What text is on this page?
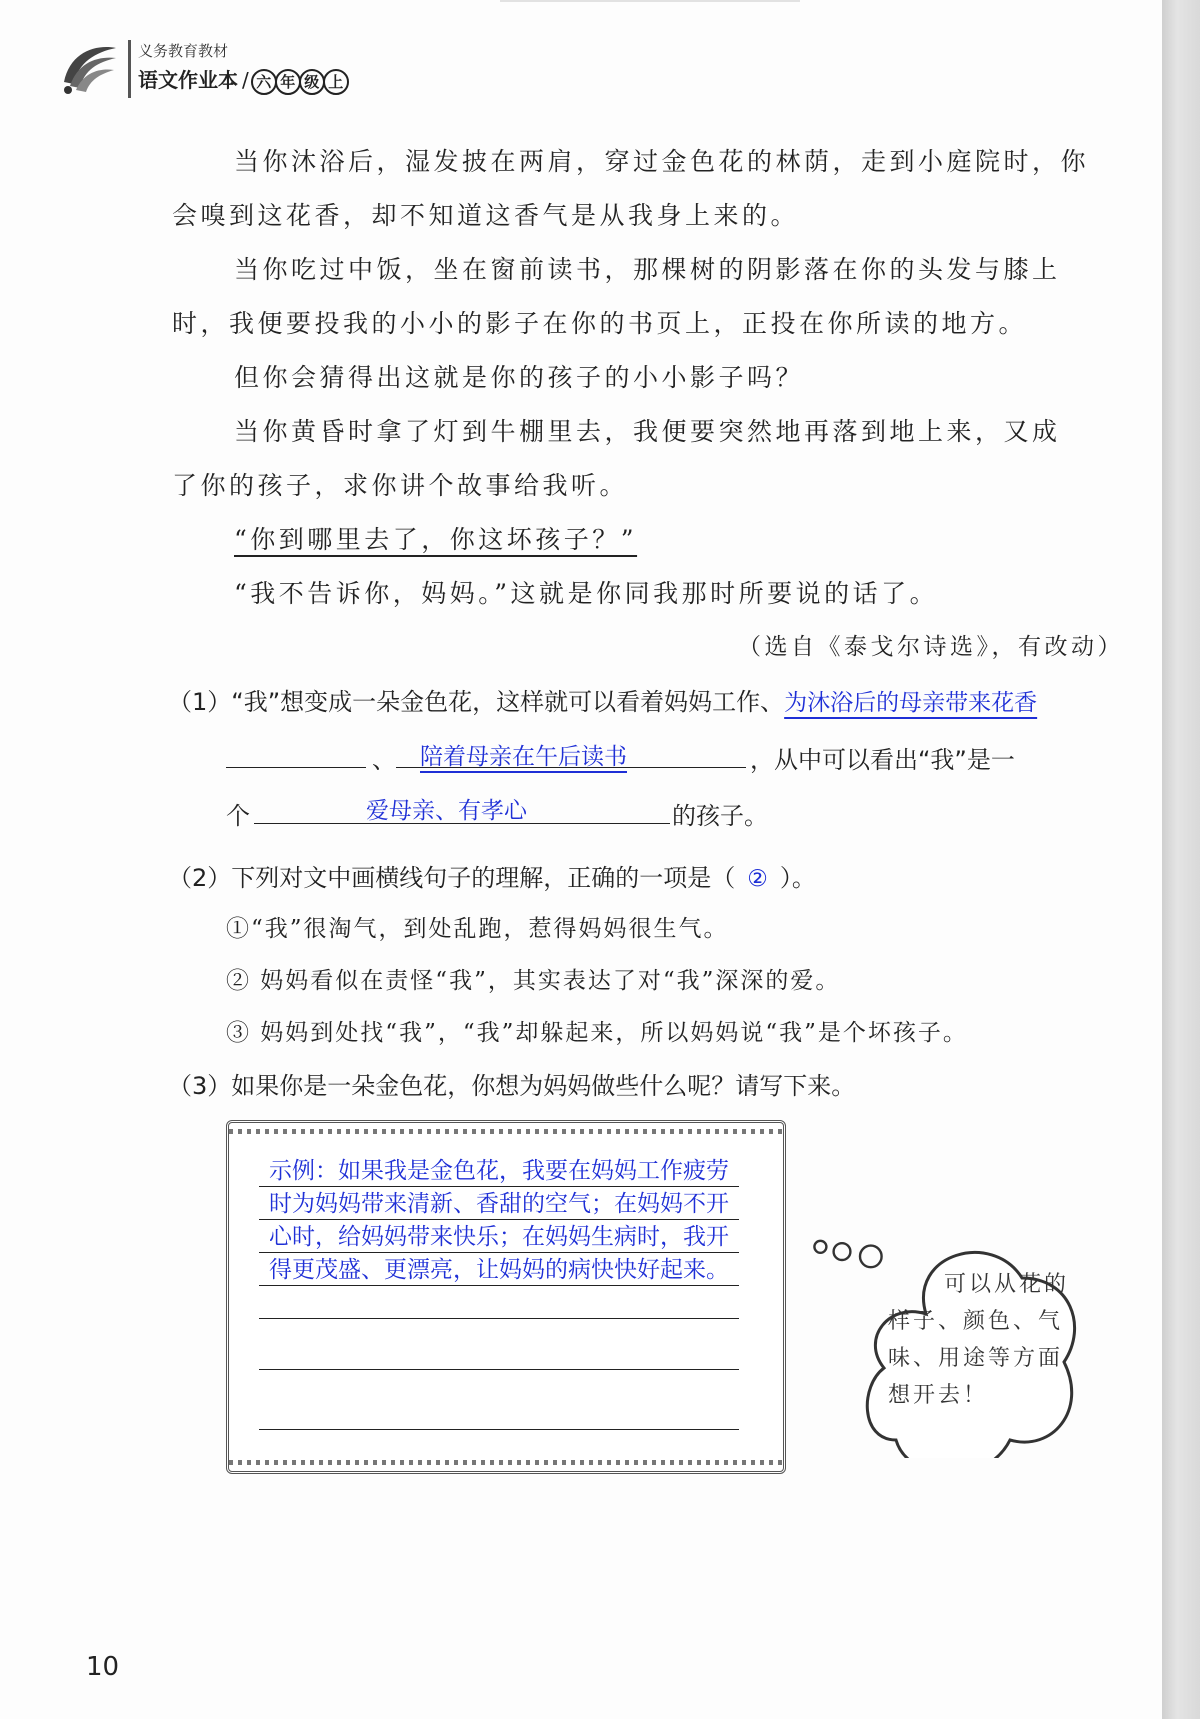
义务教育教材
语文作业本 / 六 年 级 上
当你沐浴后，湿发披在两肩，穿过金色花的林荫，走到小庭院时，你
会嗅到这花香，却不知道这香气是从我身上来的。
当你吃过中饭，坐在窗前读书，那棵树的阴影落在你的头发与膝上
时，我便要投我的小小的影子在你的书页上，正投在你所读的地方。
但你会猜得出这就是你的孩子的小小影子吗？
当你黄昏时拿了灯到牛棚里去，我便要突然地再落到地上来，又成
了你的孩子，求你讲个故事给我听。
“你到哪里去了，你这坏孩子？”
“我不告诉你，妈妈。”这就是你同我那时所要说的话了。
（选自《泰戈尔诗选》，有改动）
（1）“我”想变成一朵金色花，这样就可以看着妈妈工作、为沐浴后的母亲带来花香
、 陪着母亲在午后读书	，从中可以看出“我”是一
个	爱母亲、有孝心	的孩子。
（2）下列对文中画横线句子的理解，正确的一项是（ ② ）。
①“我”很淘气，到处乱跑，惹得妈妈很生气。
② 妈妈看似在责怪“我”，其实表达了对“我”深深的爱。
③ 妈妈到处找“我”，“我”却躲起来，所以妈妈说“我”是个坏孩子。
（3）如果你是一朵金色花，你想为妈妈做些什么呢？请写下来。
示例：如果我是金色花，我要在妈妈工作疲劳时为妈妈带来清新、香甜的空气；在妈妈不开心时，给妈妈带来快乐；在妈妈生病时，我开得更茂盛、更漂亮，让妈妈的病快快好起来。
可以从花的
样子、颜色、气
味、用途等方面
想开去！
10
